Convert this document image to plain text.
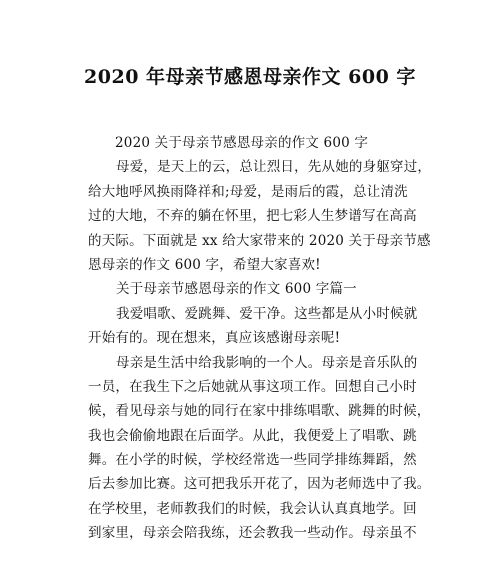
2020 年母亲节感恩母亲作文 600 字
2020 关于母亲节感恩母亲的作文 600 字
母爱，是天上的云，总让烈日，先从她的身躯穿过，
给大地呼风换雨降祥和;母爱，是雨后的霞，总让清洗
过的大地，不弃的躺在怀里，把七彩人生梦谱写在高高
的天际。下面就是 xx 给大家带来的 2020 关于母亲节感
恩母亲的作文 600 字，希望大家喜欢!
关于母亲节感恩母亲的作文 600 字篇一
我爱唱歌、爱跳舞、爱干净。这些都是从小时候就
开始有的。现在想来，真应该感谢母亲呢!
母亲是生活中给我影响的一个人。母亲是音乐队的
一员，在我生下之后她就从事这项工作。回想自己小时
候，看见母亲与她的同行在家中排练唱歌、跳舞的时候，
我也会偷偷地跟在后面学。从此，我便爱上了唱歌、跳
舞。在小学的时候，学校经常选一些同学排练舞蹈，然
后去参加比赛。这可把我乐开花了，因为老师选中了我。
在学校里，老师教我们的时候，我会认认真真地学。回
到家里，母亲会陪我练，还会教我一些动作。母亲虽不
